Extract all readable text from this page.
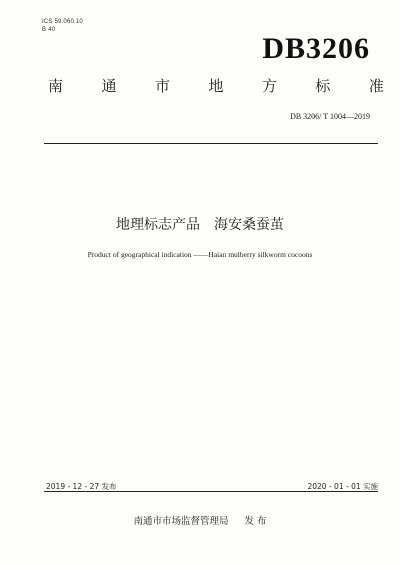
ICS 59.060.10
B 40
DB3206
南	通	市	地	方	标	准
DB 3206/ T 1004—2019
地理标志产品 海安桑蚕茧
Product of geographical indication ——Haian mulberry silkworm cocoons
2019 - 12 - 27 发布	2020 - 01 - 01 实施
南通市市场监督管理局 发 布
